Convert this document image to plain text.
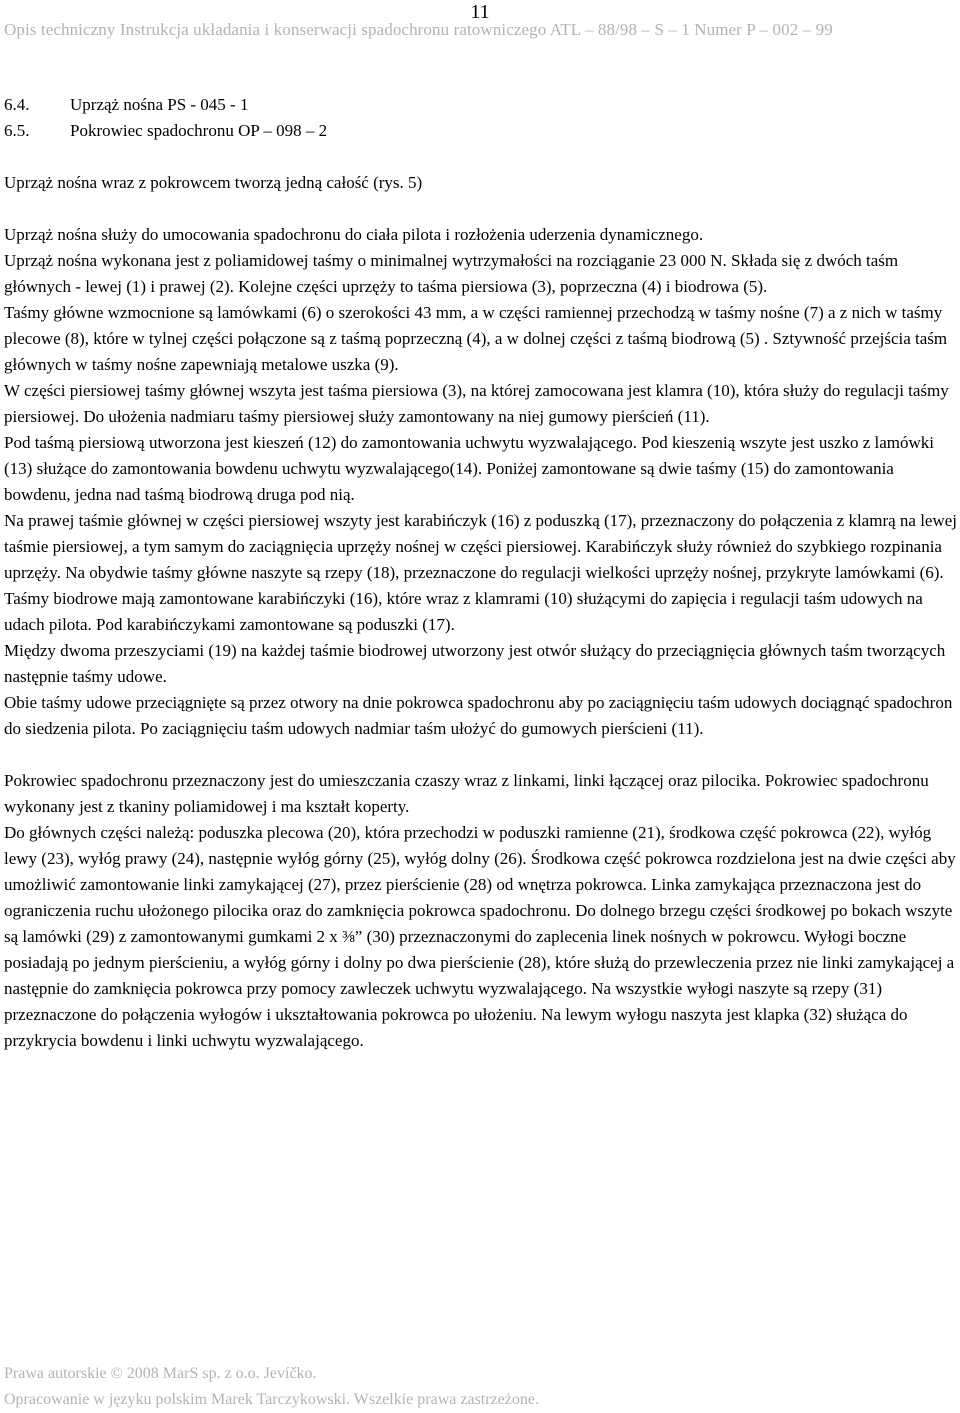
11
Opis techniczny Instrukcja układania i konserwacji spadochronu ratowniczego ATL – 88/98 – S – 1 Numer P – 002 – 99
6.4.	Uprząż nośna PS - 045 - 1
6.5.	Pokrowiec spadochronu OP – 098 – 2

Uprząż nośna wraz z pokrowcem tworzą jedną całość (rys. 5)

Uprząż nośna służy do umocowania spadochronu do ciała pilota i rozłożenia uderzenia dynamicznego.

Uprząż nośna wykonana jest z poliamidowej taśmy o minimalnej wytrzymałości na rozciąganie 23 000 N. Składa się z dwóch taśm głównych - lewej (1) i prawej (2). Kolejne części uprzęży to taśma piersiowa (3), poprzeczna (4) i biodrowa (5).

Taśmy główne wzmocnione są lamówkami (6) o szerokości 43 mm, a w części ramiennej przechodzą w taśmy nośne (7) a z nich w taśmy plecowe (8), które w tylnej części połączone są z taśmą poprzeczną (4), a w dolnej części z taśmą biodrową (5) . Sztywność przejścia taśm głównych w taśmy nośne zapewniają metalowe uszka (9).

W części piersiowej taśmy głównej wszyta jest taśma piersiowa (3), na której zamocowana jest klamra (10), która służy do regulacji taśmy piersiowej. Do ułożenia nadmiaru taśmy piersiowej służy zamontowany na niej gumowy pierścień (11).

Pod taśmą piersiową utworzona jest kieszeń (12) do zamontowania uchwytu wyzwalającego. Pod kieszenią wszyte jest uszko z lamówki (13) służące do zamontowania bowdenu uchwytu wyzwalającego(14). Poniżej zamontowane są dwie taśmy (15) do zamontowania bowdenu, jedna nad taśmą biodrową druga pod nią.

Na prawej taśmie głównej w części piersiowej wszyty jest karabińczyk (16) z poduszką (17), przeznaczony do połączenia z klamrą na lewej taśmie piersiowej, a tym samym do zaciągnięcia uprzęży nośnej w części piersiowej. Karabińczyk służy również do szybkiego rozpinania uprzęży. Na obydwie taśmy główne naszyte są rzepy (18), przeznaczone do regulacji wielkości uprzęży nośnej, przykryte lamówkami (6). Taśmy biodrowe mają zamontowane karabińczyki (16), które wraz z klamrami (10) służącymi do zapięcia i regulacji taśm udowych na udach pilota. Pod karabińczykami zamontowane są poduszki (17).

Między dwoma przeszyciami (19) na każdej taśmie biodrowej utworzony jest otwór służący do przeciągnięcia głównych taśm tworzących następnie taśmy udowe.

Obie taśmy udowe przeciągnięte są przez otwory na dnie pokrowca spadochronu aby po zaciągnięciu taśm udowych dociągnąć spadochron do siedzenia pilota. Po zaciągnięciu taśm udowych nadmiar taśm ułożyć do gumowych pierścieni (11).

Pokrowiec spadochronu przeznaczony jest do umieszczania czaszy wraz z linkami, linki łączącej oraz pilocika. Pokrowiec spadochronu wykonany jest z tkaniny poliamidowej i ma kształt koperty.

Do głównych części należą: poduszka plecowa (20), która przechodzi w poduszki ramienne (21), środkowa część pokrowca (22), wyłóg lewy (23), wyłóg prawy (24), następnie wyłóg górny (25), wyłóg dolny (26). Środkowa część pokrowca rozdzielona jest na dwie części aby umożliwić zamontowanie linki zamykającej (27), przez pierścienie (28) od wnętrza pokrowca. Linka zamykająca przeznaczona jest do ograniczenia ruchu ułożonego pilocika oraz do zamknięcia pokrowca spadochronu. Do dolnego brzegu części środkowej po bokach wszyte są lamówki (29) z zamontowanymi gumkami 2 x ⅜” (30) przeznaczonymi do zaplecenia linek nośnych w pokrowcu. Wyłogi boczne posiadają po jednym pierścieniu, a wyłóg górny i dolny po dwa pierścienie (28), które służą do przewleczenia przez nie linki zamykającej a następnie do zamknięcia pokrowca przy pomocy zawleczek uchwytu wyzwalającego. Na wszystkie wyłogi naszyte są rzepy (31) przeznaczone do połączenia wyłogów i ukształtowania pokrowca po ułożeniu. Na lewym wyłogu naszyta jest klapka (32) służąca do przykrycia bowdenu i linki uchwytu wyzwalającego.

Prawa autorskie © 2008 MarS sp. z o.o. Jevíčko.
Opracowanie w języku polskim Marek Tarczykowski. Wszelkie prawa zastrzeżone.
